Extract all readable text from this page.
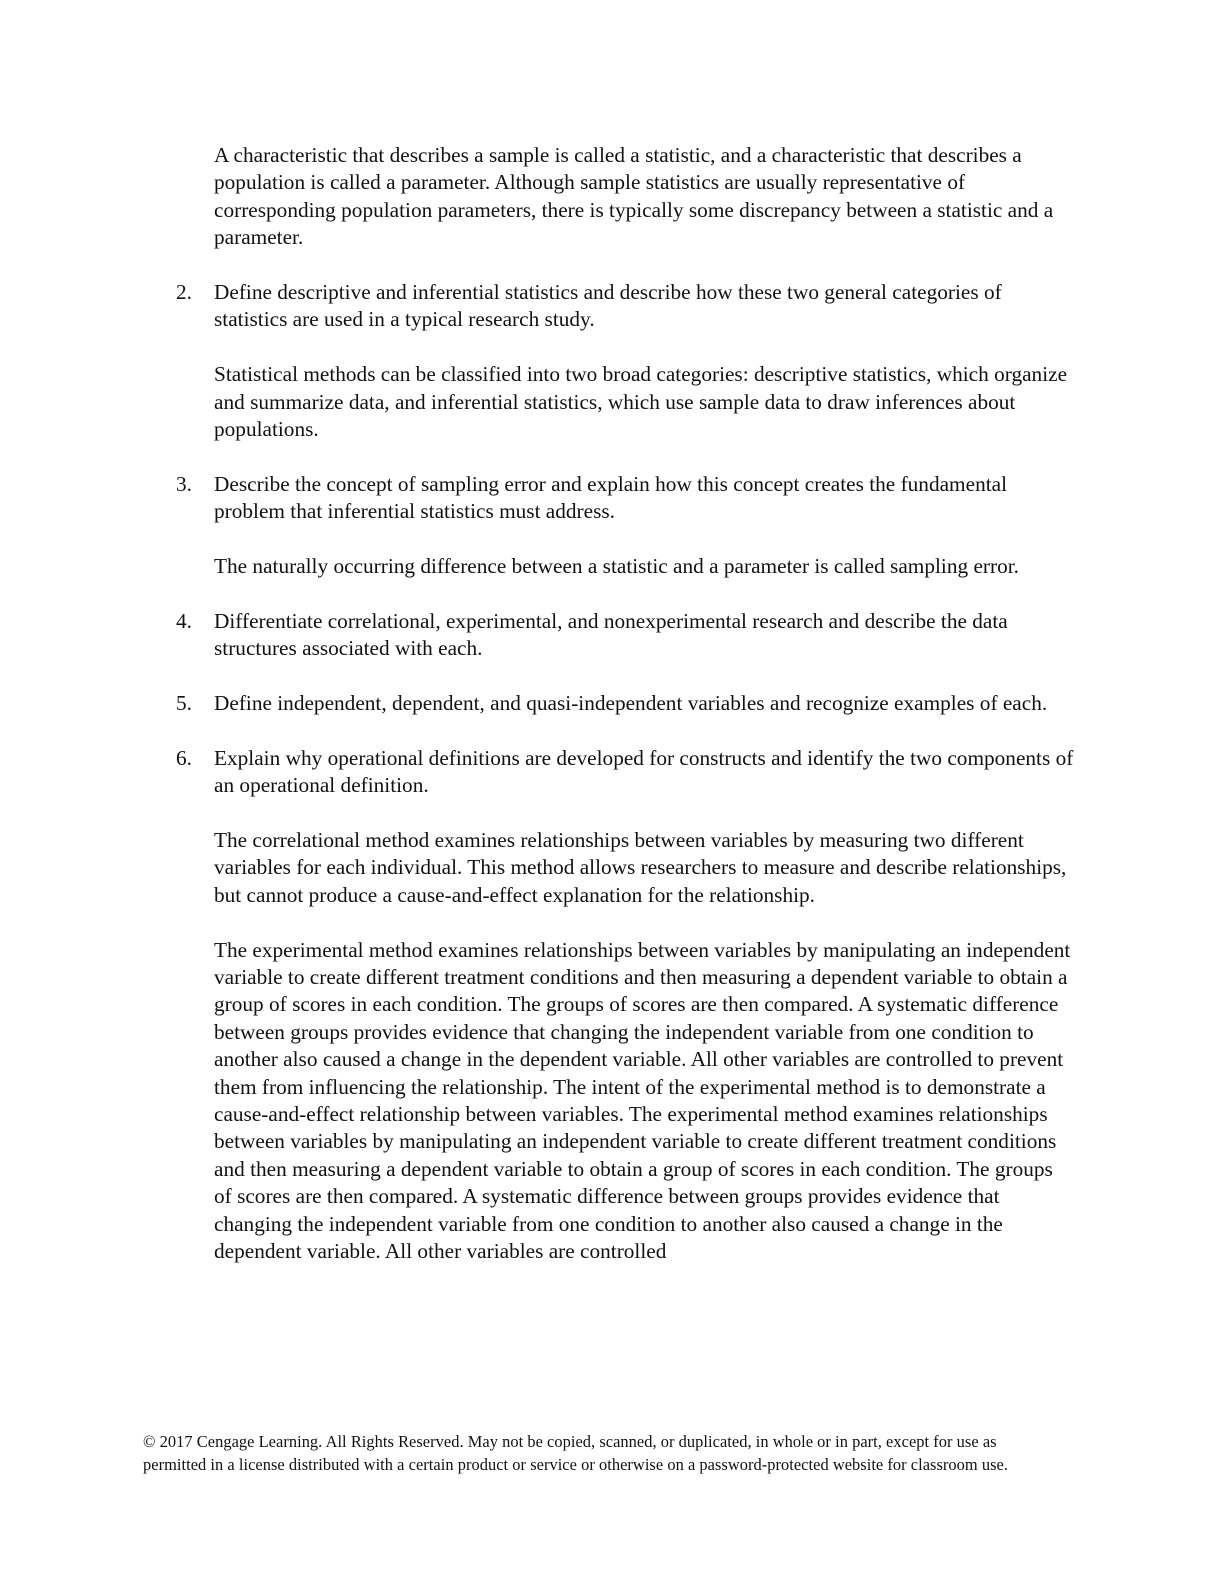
A characteristic that describes a sample is called a statistic, and a characteristic that describes a population is called a parameter. Although sample statistics are usually representative of corresponding population parameters, there is typically some discrepancy between a statistic and a parameter.

2.	Define descriptive and inferential statistics and describe how these two general categories of statistics are used in a typical research study.

Statistical methods can be classified into two broad categories: descriptive statistics, which organize and summarize data, and inferential statistics, which use sample data to draw inferences about populations.

3.	Describe the concept of sampling error and explain how this concept creates the fundamental problem that inferential statistics must address.

The naturally occurring difference between a statistic and a parameter is called sampling error.

4.	Differentiate correlational, experimental, and nonexperimental research and describe the data structures associated with each.

5.	Define independent, dependent, and quasi-independent variables and recognize examples of each.

6.	Explain why operational definitions are developed for constructs and identify the two components of an operational definition.

The correlational method examines relationships between variables by measuring two different variables for each individual. This method allows researchers to measure and describe relationships, but cannot produce a cause-and-effect explanation for the relationship.

The experimental method examines relationships between variables by manipulating an independent variable to create different treatment conditions and then measuring a dependent variable to obtain a group of scores in each condition. The groups of scores are then compared. A systematic difference between groups provides evidence that changing the independent variable from one condition to another also caused a change in the dependent variable. All other variables are controlled to prevent them from influencing the relationship. The intent of the experimental method is to demonstrate a cause-and-effect relationship between variables. The experimental method examines relationships between variables by manipulating an independent variable to create different treatment conditions and then measuring a dependent variable to obtain a group of scores in each condition. The groups of scores are then compared. A systematic difference between groups provides evidence that changing the independent variable from one condition to another also caused a change in the dependent variable. All other variables are controlled

© 2017 Cengage Learning. All Rights Reserved. May not be copied, scanned, or duplicated, in whole or in part, except for use as permitted in a license distributed with a certain product or service or otherwise on a password-protected website for classroom use.
